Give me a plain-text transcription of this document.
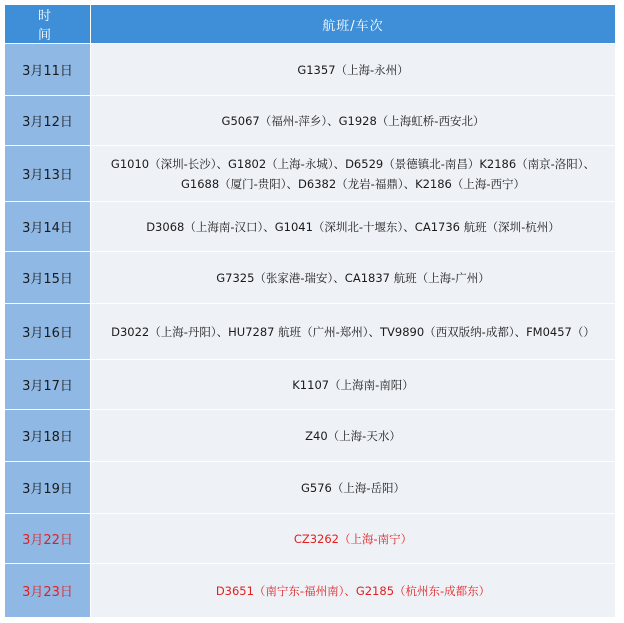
时 间	航班/车次
3月11日	G1357（上海-永州）
3月12日	G5067（福州-萍乡）、G1928（上海虹桥-西安北）
3月13日	G1010（深圳-长沙）、G1802（上海-永城）、D6529（景德镇北-南昌）K2186（南京-洛阳）、G1688（厦门-贵阳）、D6382（龙岩-福鼎）、K2186（上海-西宁）
3月14日	D3068（上海南-汉口）、G1041（深圳北-十堰东）、CA1736 航班（深圳-杭州）
3月15日	G7325（张家港-瑞安）、CA1837 航班（上海-广州）
3月16日	D3022（上海-丹阳）、HU7287 航班（广州-郑州）、TV9890（西双版纳-成都）、FM0457（）
3月17日	K1107（上海南-南阳）
3月18日	Z40（上海-天水）
3月19日	G576（上海-岳阳）
3月22日	CZ3262（上海-南宁）
3月23日	D3651（南宁东-福州南）、G2185（杭州东-成都东）
